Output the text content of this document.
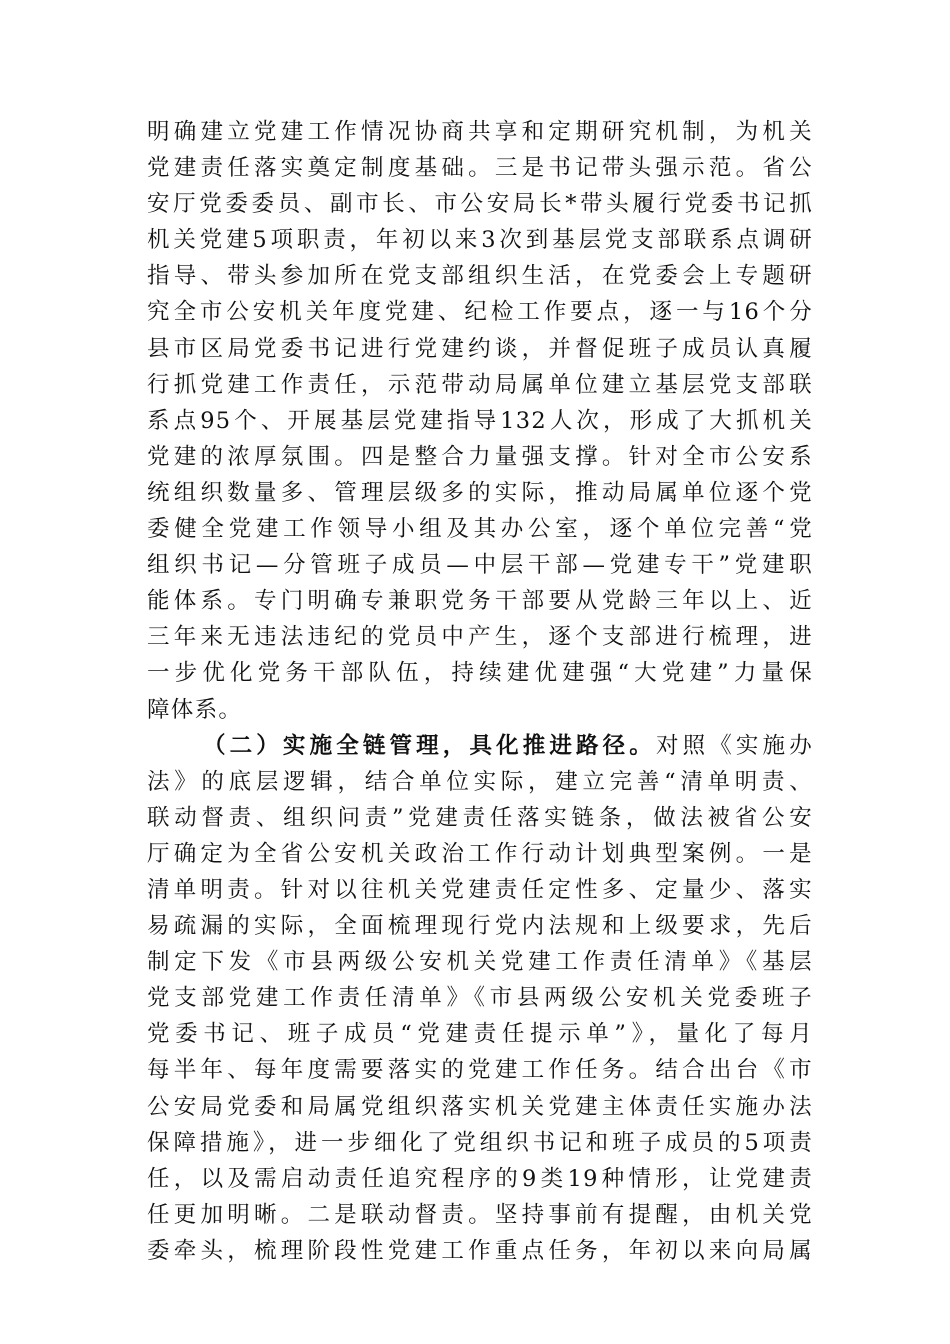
明确建立党建工作情况协商共享和定期研究机制，为机关
党建责任落实奠定制度基础。三是书记带头强示范。省公
安厅党委委员、副市长、市公安局长*带头履行党委书记抓
机关党建5项职责，年初以来3次到基层党支部联系点调研
指导、带头参加所在党支部组织生活，在党委会上专题研
究全市公安机关年度党建、纪检工作要点，逐一与16个分
县市区局党委书记进行党建约谈，并督促班子成员认真履
行抓党建工作责任，示范带动局属单位建立基层党支部联
系点95个、开展基层党建指导132人次，形成了大抓机关
党建的浓厚氛围。四是整合力量强支撑。针对全市公安系
统组织数量多、管理层级多的实际，推动局属单位逐个党
委健全党建工作领导小组及其办公室，逐个单位完善“党
组织书记—分管班子成员—中层干部—党建专干”党建职
能体系。专门明确专兼职党务干部要从党龄三年以上、近
三年来无违法违纪的党员中产生，逐个支部进行梳理，进
一步优化党务干部队伍，持续建优建强“大党建”力量保
障体系。
（二）实施全链管理，具化推进路径。对照《实施办
法》的底层逻辑，结合单位实际，建立完善“清单明责、
联动督责、组织问责”党建责任落实链条，做法被省公安
厅确定为全省公安机关政治工作行动计划典型案例。一是
清单明责。针对以往机关党建责任定性多、定量少、落实
易疏漏的实际，全面梳理现行党内法规和上级要求，先后
制定下发《市县两级公安机关党建工作责任清单》《基层
党支部党建工作责任清单》《市县两级公安机关党委班子
党委书记、班子成员“党建责任提示单”》，量化了每月
每半年、每年度需要落实的党建工作任务。结合出台《市
公安局党委和局属党组织落实机关党建主体责任实施办法
保障措施》，进一步细化了党组织书记和班子成员的5项责
任，以及需启动责任追究程序的9类19种情形，让党建责
任更加明晰。二是联动督责。坚持事前有提醒，由机关党
委牵头，梳理阶段性党建工作重点任务，年初以来向局属
